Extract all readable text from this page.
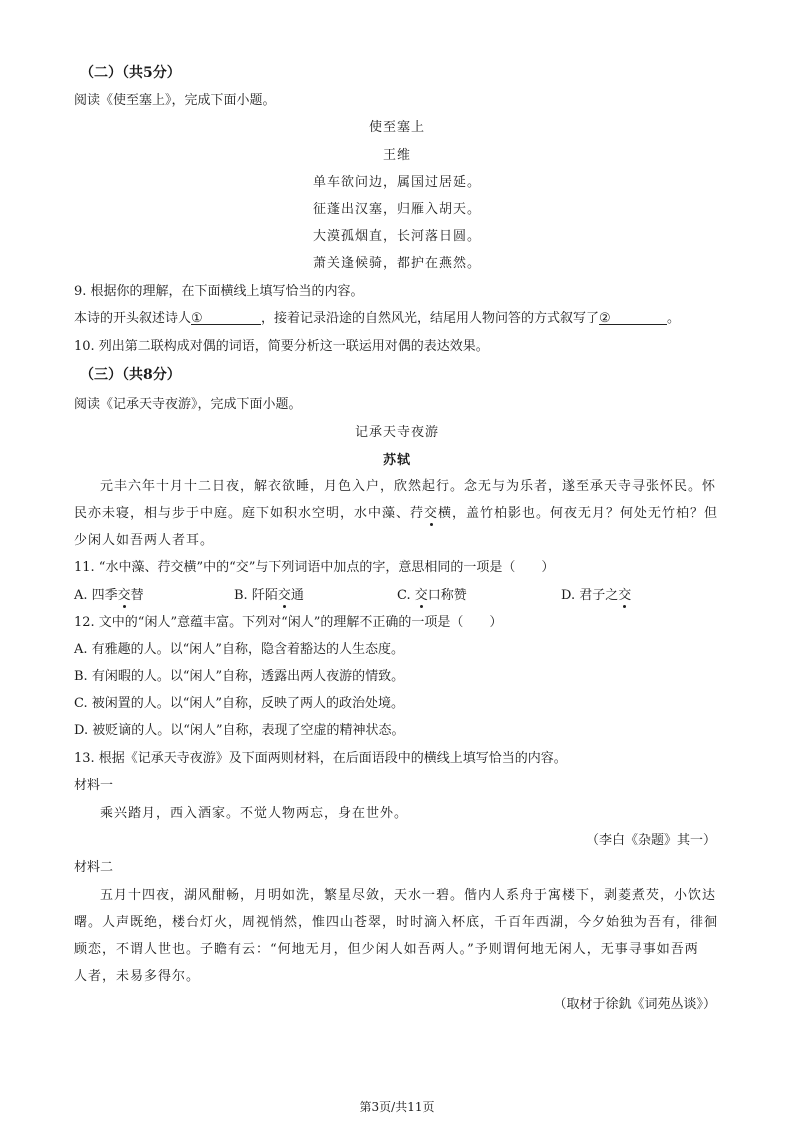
（二）（共5分）
阅读《使至塞上》，完成下面小题。
使至塞上
王维
单车欲问边，属国过居延。
征蓬出汉塞，归雁入胡天。
大漠孤烟直，长河落日圆。
萧关逢候骑，都护在燕然。
9. 根据你的理解，在下面横线上填写恰当的内容。
本诗的开头叙述诗人①	，接着记录沿途的自然风光，结尾用人物问答的方式叙写了②	。
10. 列出第二联构成对偶的词语，简要分析这一联运用对偶的表达效果。
（三）（共8分）
阅读《记承天寺夜游》，完成下面小题。
记承天寺夜游
苏轼
元丰六年十月十二日夜，解衣欲睡，月色入户，欣然起行。念无与为乐者，遂至承天寺寻张怀民。怀
民亦未寝，相与步于中庭。庭下如积水空明，水中藻、荇交横，盖竹柏影也。何夜无月？何处无竹柏？但
少闲人如吾两人者耳。
11. “水中藻、荇交横”中的“交”与下列词语中加点的字，意思相同的一项是（　　）
A. 四季交替	B. 阡陌交通	C. 交口称赞	D. 君子之交
12. 文中的“闲人”意蕴丰富。下列对“闲人”的理解不正确的一项是（　　）
A. 有雅趣的人。以“闲人”自称，隐含着豁达的人生态度。
B. 有闲暇的人。以“闲人”自称，透露出两人夜游的情致。
C. 被闲置的人。以“闲人”自称，反映了两人的政治处境。
D. 被贬谪的人。以“闲人”自称，表现了空虚的精神状态。
13. 根据《记承天寺夜游》及下面两则材料，在后面语段中的横线上填写恰当的内容。
材料一
乘兴踏月，西入酒家。不觉人物两忘，身在世外。
（李白《杂题》其一）
材料二
五月十四夜，湖风酣畅，月明如洗，繁星尽敛，天水一碧。偕内人系舟于寓楼下，剥菱煮芡，小饮达
曙。人声既绝，楼台灯火，周视悄然，惟四山苍翠，时时滴入杯底，千百年西湖，今夕始独为吾有，徘徊
顾恋，不谓人世也。子瞻有云：“何地无月，但少闲人如吾两人。”予则谓何地无闲人，无事寻事如吾两
人者，未易多得尔。
（取材于徐釚《词苑丛谈》）
第3页/共11页
